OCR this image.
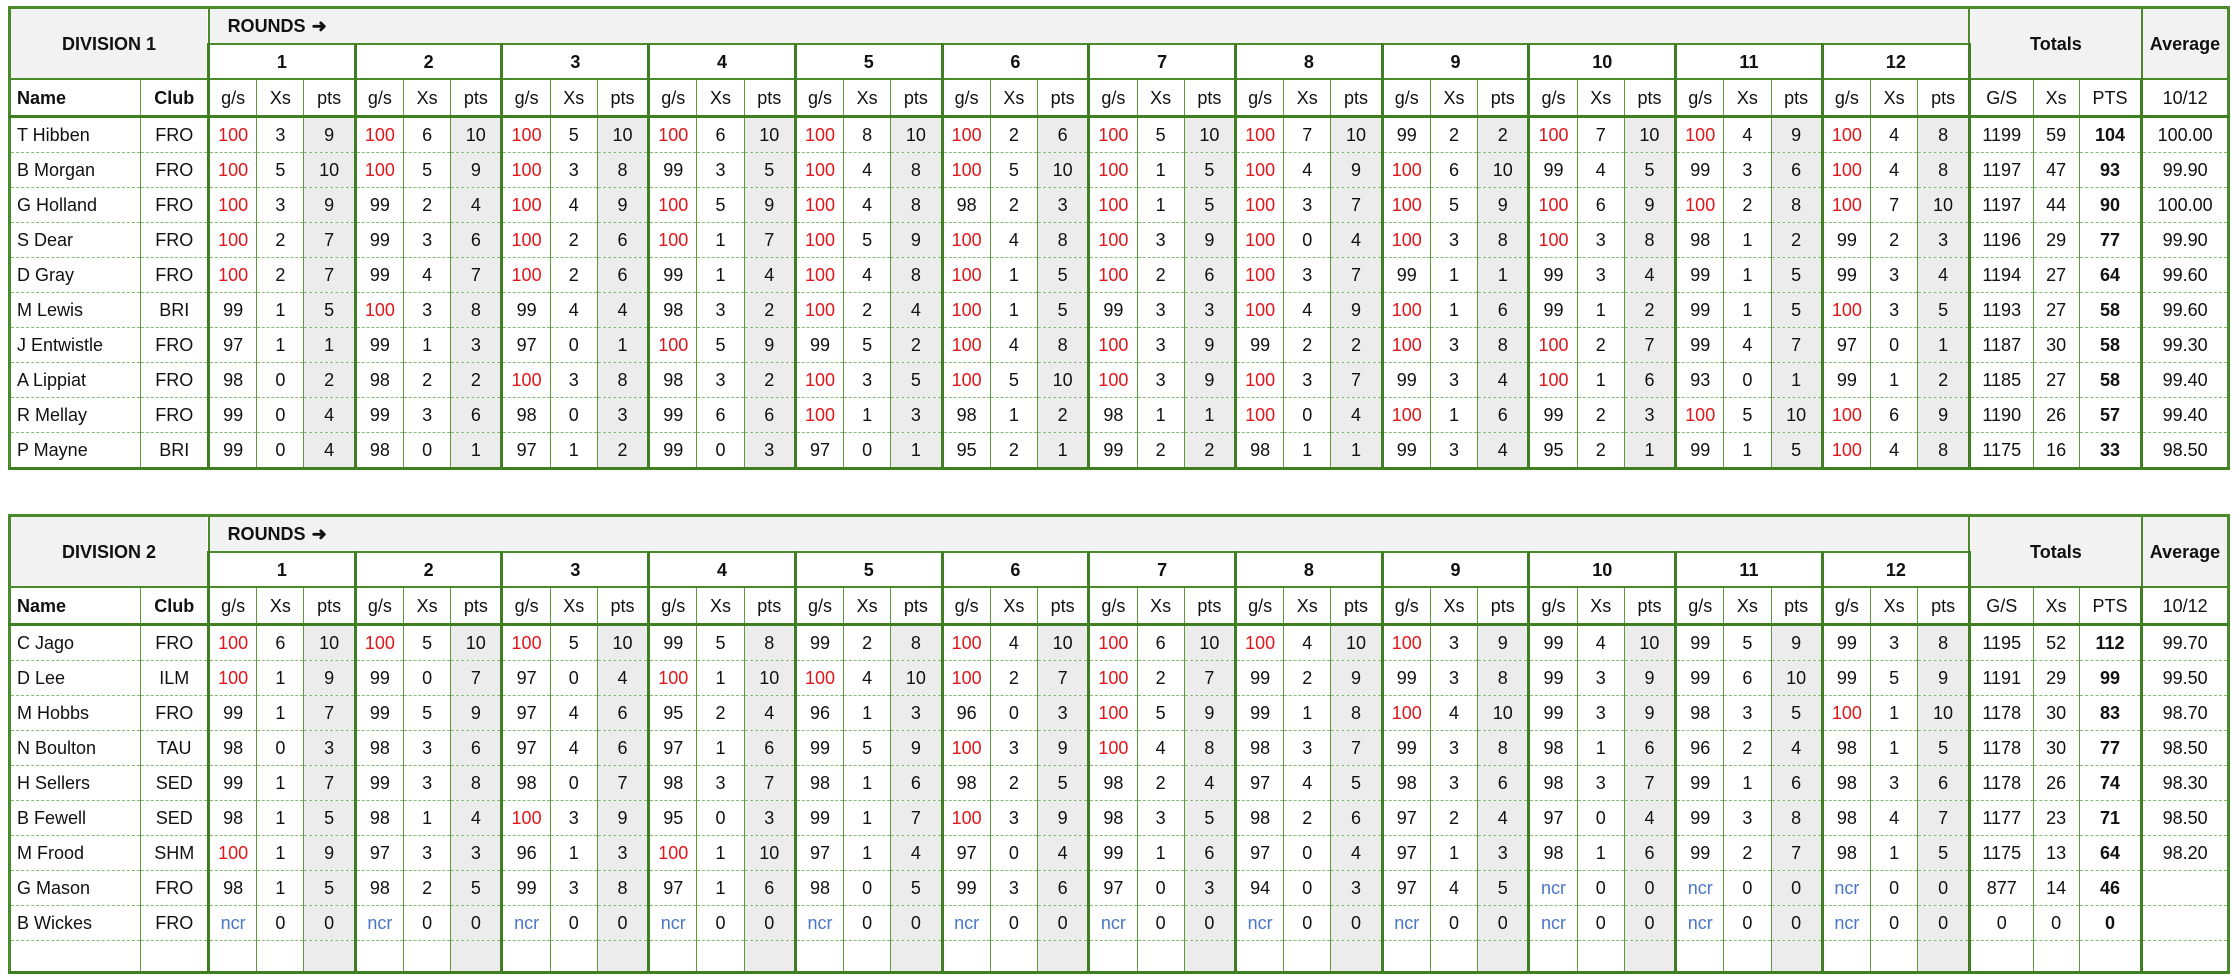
DIVISION 1		ROUNDS ➜																																				Totals			Average
		1			2			3			4			5			6			7			8			9			10			11			12						
Name	Club	g/s	Xs	pts	g/s	Xs	pts	g/s	Xs	pts	g/s	Xs	pts	g/s	Xs	pts	g/s	Xs	pts	g/s	Xs	pts	g/s	Xs	pts	g/s	Xs	pts	g/s	Xs	pts	g/s	Xs	pts	g/s	Xs	pts	G/S	Xs	PTS	10/12
T Hibben	FRO	100	3	9	100	6	10	100	5	10	100	6	10	100	8	10	100	2	6	100	5	10	100	7	10	99	2	2	100	7	10	100	4	9	100	4	8	1199	59	104	100.00
B Morgan	FRO	100	5	10	100	5	9	100	3	8	99	3	5	100	4	8	100	5	10	100	1	5	100	4	9	100	6	10	99	4	5	99	3	6	100	4	8	1197	47	93	99.90
G Holland	FRO	100	3	9	99	2	4	100	4	9	100	5	9	100	4	8	98	2	3	100	1	5	100	3	7	100	5	9	100	6	9	100	2	8	100	7	10	1197	44	90	100.00
S Dear	FRO	100	2	7	99	3	6	100	2	6	100	1	7	100	5	9	100	4	8	100	3	9	100	0	4	100	3	8	100	3	8	98	1	2	99	2	3	1196	29	77	99.90
D Gray	FRO	100	2	7	99	4	7	100	2	6	99	1	4	100	4	8	100	1	5	100	2	6	100	3	7	99	1	1	99	3	4	99	1	5	99	3	4	1194	27	64	99.60
M Lewis	BRI	99	1	5	100	3	8	99	4	4	98	3	2	100	2	4	100	1	5	99	3	3	100	4	9	100	1	6	99	1	2	99	1	5	100	3	5	1193	27	58	99.60
J Entwistle	FRO	97	1	1	99	1	3	97	0	1	100	5	9	99	5	2	100	4	8	100	3	9	99	2	2	100	3	8	100	2	7	99	4	7	97	0	1	1187	30	58	99.30
A Lippiat	FRO	98	0	2	98	2	2	100	3	8	98	3	2	100	3	5	100	5	10	100	3	9	100	3	7	99	3	4	100	1	6	93	0	1	99	1	2	1185	27	58	99.40
R Mellay	FRO	99	0	4	99	3	6	98	0	3	99	6	6	100	1	3	98	1	2	98	1	1	100	0	4	100	1	6	99	2	3	100	5	10	100	6	9	1190	26	57	99.40
P Mayne	BRI	99	0	4	98	0	1	97	1	2	99	0	3	97	0	1	95	2	1	99	2	2	98	1	1	99	3	4	95	2	1	99	1	5	100	4	8	1175	16	33	98.50
DIVISION 2		ROUNDS ➜																																				Totals			Average
		1			2			3			4			5			6			7			8			9			10			11			12						
Name	Club	g/s	Xs	pts	g/s	Xs	pts	g/s	Xs	pts	g/s	Xs	pts	g/s	Xs	pts	g/s	Xs	pts	g/s	Xs	pts	g/s	Xs	pts	g/s	Xs	pts	g/s	Xs	pts	g/s	Xs	pts	g/s	Xs	pts	G/S	Xs	PTS	10/12
C Jago	FRO	100	6	10	100	5	10	100	5	10	99	5	8	99	2	8	100	4	10	100	6	10	100	4	10	100	3	9	99	4	10	99	5	9	99	3	8	1195	52	112	99.70
D Lee	ILM	100	1	9	99	0	7	97	0	4	100	1	10	100	4	10	100	2	7	100	2	7	99	2	9	99	3	8	99	3	9	99	6	10	99	5	9	1191	29	99	99.50
M Hobbs	FRO	99	1	7	99	5	9	97	4	6	95	2	4	96	1	3	96	0	3	100	5	9	99	1	8	100	4	10	99	3	9	98	3	5	100	1	10	1178	30	83	98.70
N Boulton	TAU	98	0	3	98	3	6	97	4	6	97	1	6	99	5	9	100	3	9	100	4	8	98	3	7	99	3	8	98	1	6	96	2	4	98	1	5	1178	30	77	98.50
H Sellers	SED	99	1	7	99	3	8	98	0	7	98	3	7	98	1	6	98	2	5	98	2	4	97	4	5	98	3	6	98	3	7	99	1	6	98	3	6	1178	26	74	98.30
B Fewell	SED	98	1	5	98	1	4	100	3	9	95	0	3	99	1	7	100	3	9	98	3	5	98	2	6	97	2	4	97	0	4	99	3	8	98	4	7	1177	23	71	98.50
M Frood	SHM	100	1	9	97	3	3	96	1	3	100	1	10	97	1	4	97	0	4	99	1	6	97	0	4	97	1	3	98	1	6	99	2	7	98	1	5	1175	13	64	98.20
G Mason	FRO	98	1	5	98	2	5	99	3	8	97	1	6	98	0	5	99	3	6	97	0	3	94	0	3	97	4	5	ncr	0	0	ncr	0	0	ncr	0	0	877	14	46	
B Wickes	FRO	ncr	0	0	ncr	0	0	ncr	0	0	ncr	0	0	ncr	0	0	ncr	0	0	ncr	0	0	ncr	0	0	ncr	0	0	ncr	0	0	ncr	0	0	ncr	0	0	0	0	0	
